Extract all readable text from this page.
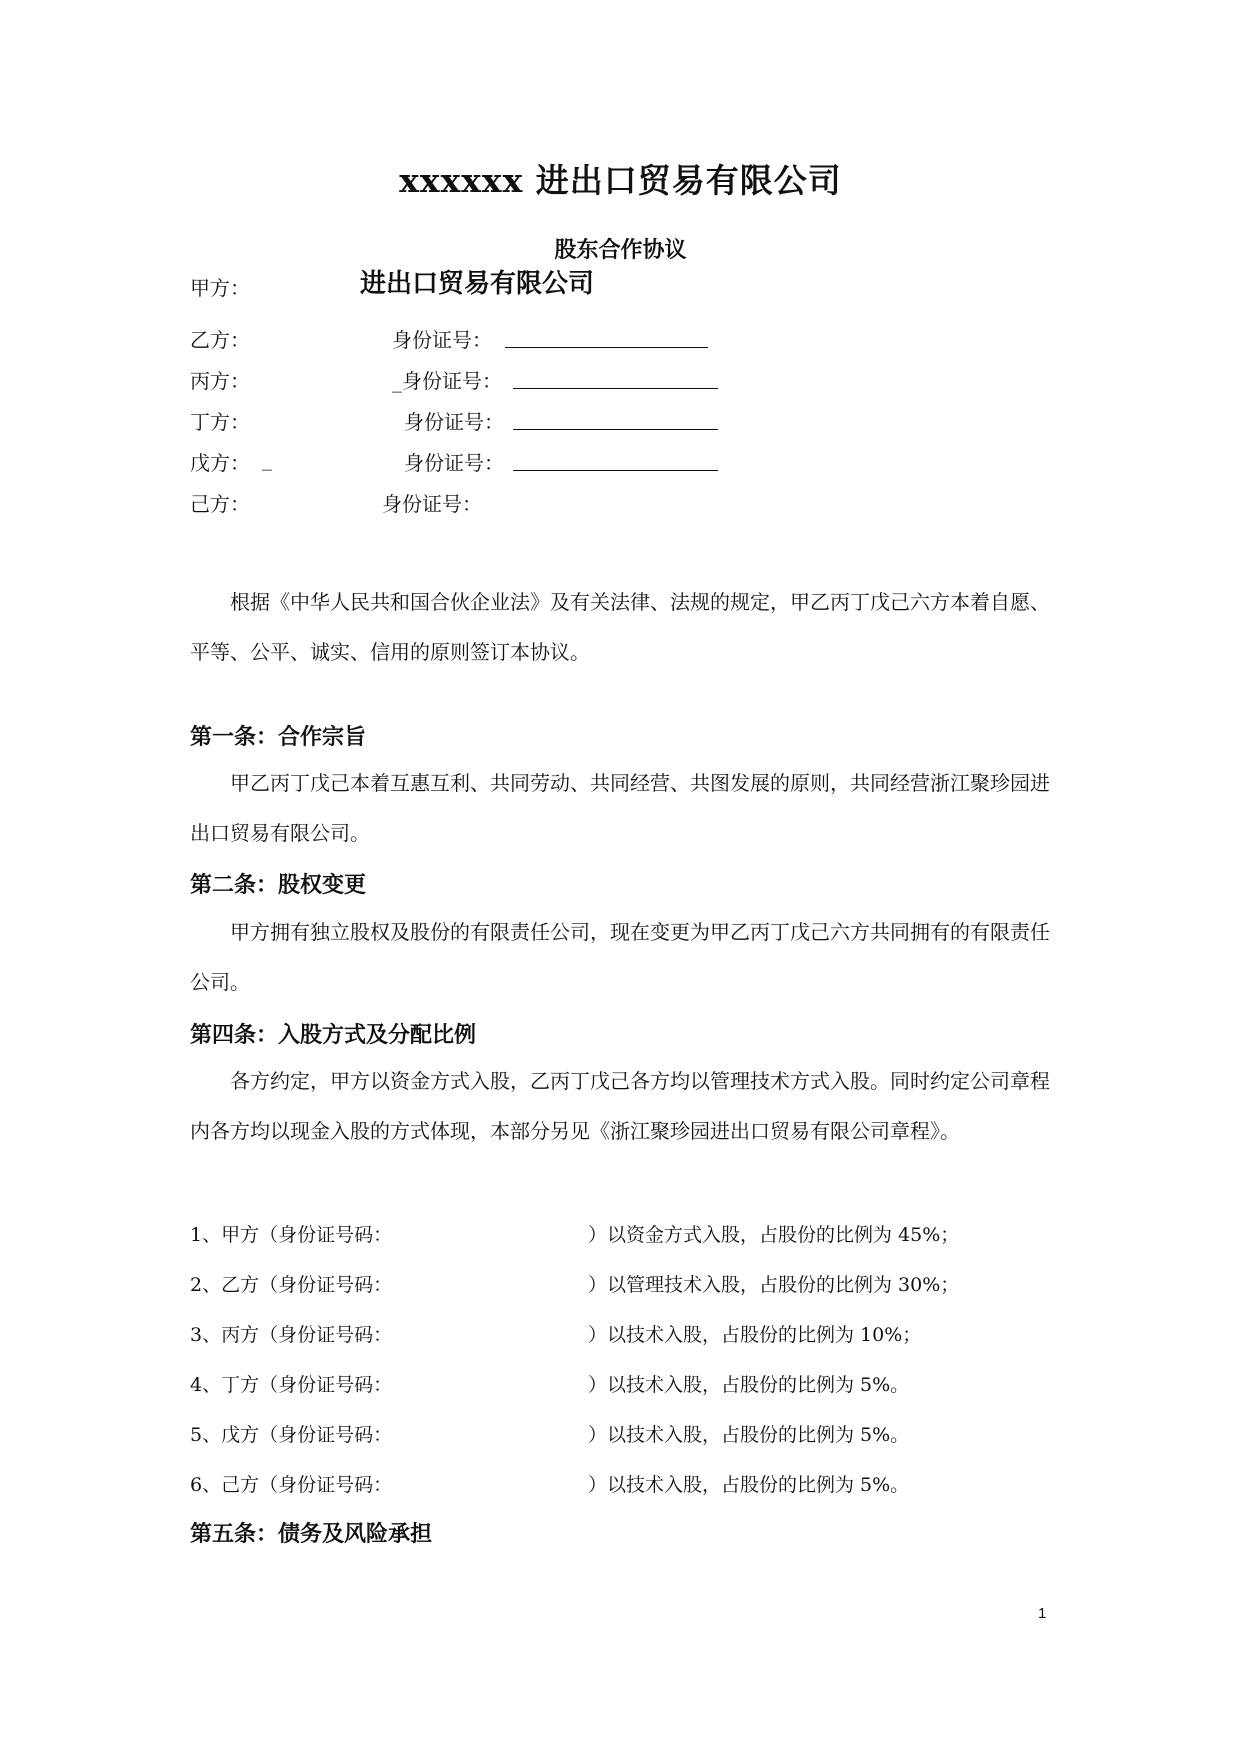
xxxxxx 进出口贸易有限公司
股东合作协议
甲方：	进出口贸易有限公司
乙方：	身份证号：
丙方：	_身份证号：
丁方：	身份证号：
戊方： _	身份证号：
己方：	身份证号：
根据《中华人民共和国合伙企业法》及有关法律、法规的规定，甲乙丙丁戊己六方本着自愿、平等、公平、诚实、信用的原则签订本协议。
第一条：合作宗旨
甲乙丙丁戊己本着互惠互利、共同劳动、共同经营、共图发展的原则，共同经营浙江聚珍园进出口贸易有限公司。
第二条：股权变更
甲方拥有独立股权及股份的有限责任公司，现在变更为甲乙丙丁戊己六方共同拥有的有限责任公司。
第四条：入股方式及分配比例
各方约定，甲方以资金方式入股，乙丙丁戊己各方均以管理技术方式入股。同时约定公司章程内各方均以现金入股的方式体现，本部分另见《浙江聚珍园进出口贸易有限公司章程》。
1、甲方（身份证号码：	）以资金方式入股，占股份的比例为 45%；
2、乙方（身份证号码：	）以管理技术入股，占股份的比例为 30%；
3、丙方（身份证号码：	）以技术入股，占股份的比例为 10%；
4、丁方（身份证号码：	）以技术入股，占股份的比例为 5%。
5、戊方（身份证号码：	）以技术入股，占股份的比例为 5%。
6、己方（身份证号码：	）以技术入股，占股份的比例为 5%。
第五条：债务及风险承担
1
